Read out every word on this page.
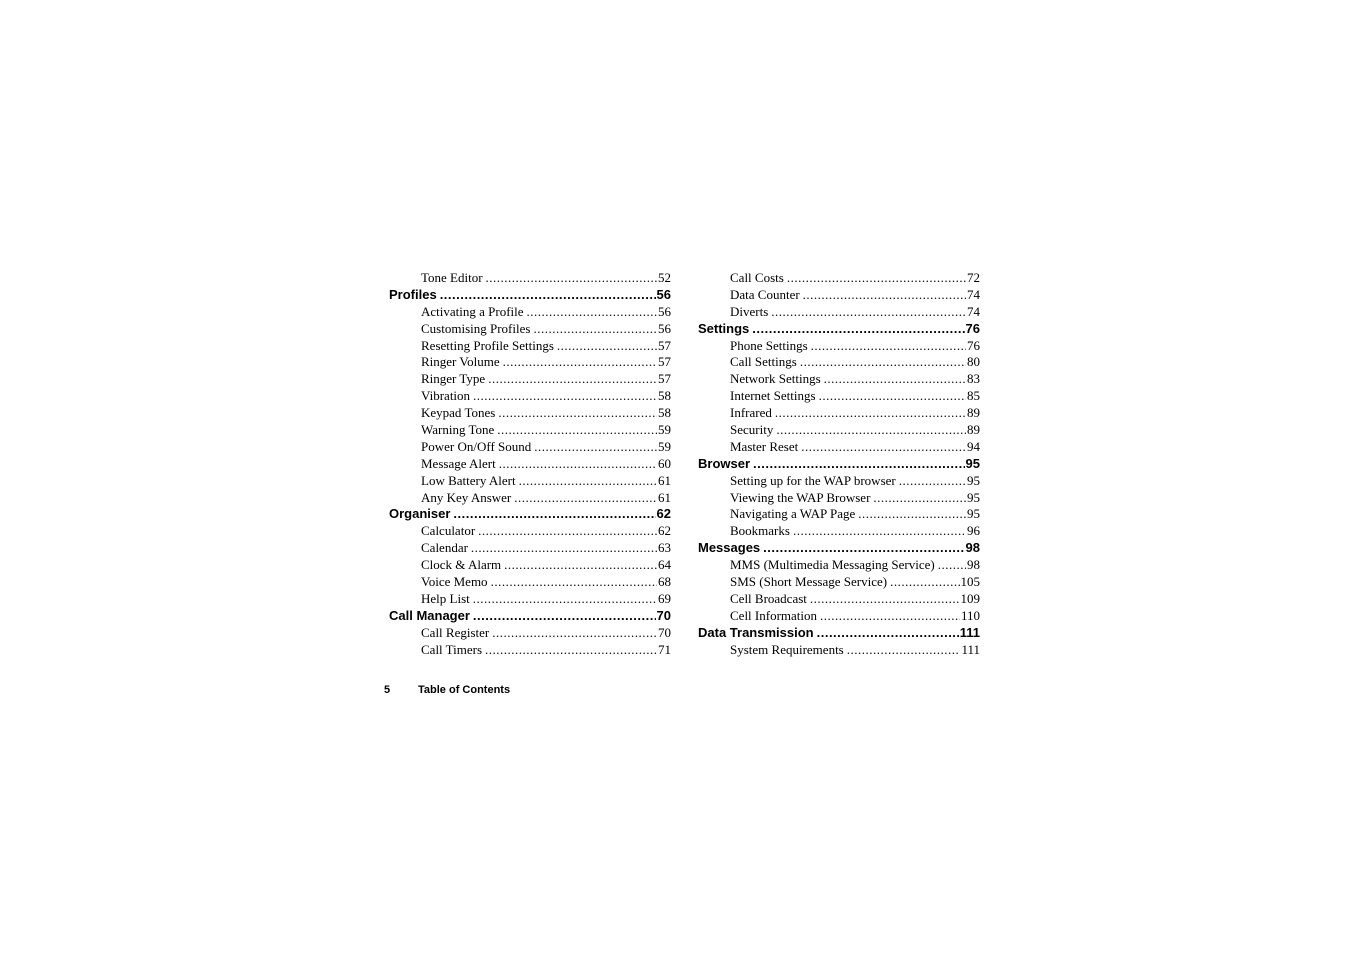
Tone Editor .....	52
Profiles .....	56
Activating a Profile .....	56
Customising Profiles .....	56
Resetting Profile Settings .....	57
Ringer Volume .....	57
Ringer Type .....	57
Vibration .....	58
Keypad Tones .....	58
Warning Tone .....	59
Power On/Off Sound .....	59
Message Alert .....	60
Low Battery Alert .....	61
Any Key Answer .....	61
Organiser .....	62
Calculator .....	62
Calendar .....	63
Clock & Alarm .....	64
Voice Memo .....	68
Help List .....	69
Call Manager .....	70
Call Register .....	70
Call Timers .....	71
Call Costs .....	72
Data Counter .....	74
Diverts .....	74
Settings .....	76
Phone Settings .....	76
Call Settings .....	80
Network Settings .....	83
Internet Settings .....	85
Infrared .....	89
Security .....	89
Master Reset .....	94
Browser .....	95
Setting up for the WAP browser .....	95
Viewing the WAP Browser .....	95
Navigating a WAP Page .....	95
Bookmarks .....	96
Messages .....	98
MMS (Multimedia Messaging Service) ..... 98
SMS (Short Message Service) .....	105
Cell Broadcast .....	109
Cell Information .....	110
Data Transmission .....	111
System Requirements .....	111
5	Table of Contents
